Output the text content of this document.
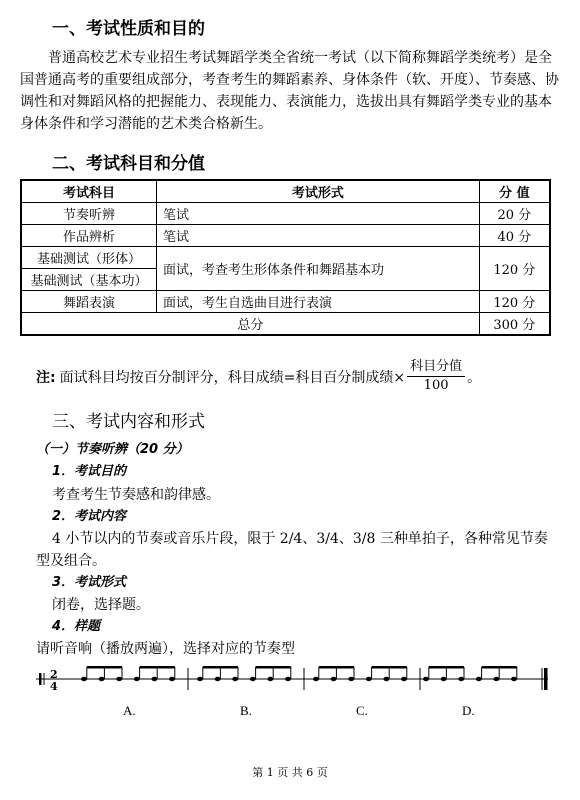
一、考试性质和目的

普通高校艺术专业招生考试舞蹈学类全省统一考试（以下简称舞蹈学类统考）是全国普通高考的重要组成部分，考查考生的舞蹈素养、身体条件（软、开度）、节奏感、协调性和对舞蹈风格的把握能力、表现能力、表演能力，选拔出具有舞蹈学类专业的基本身体条件和学习潜能的艺术类合格新生。

二、考试科目和分值
考试科目	考试形式	分 值
节奏听辨	笔试	20 分
作品辨析	笔试	40 分
基础测试（形体）	面试，考查考生形体条件和舞蹈基本功	120 分
基础测试（基本功）		
舞蹈表演	面试，考生自选曲目进行表演	120 分
总分		300 分
注: 面试科目均按百分制评分，科目成绩=科目百分制成绩× $\frac{\text{科目分值}}{100}$ 。
三、考试内容和形式
（一）节奏听辨（20 分）
1．考试目的
考查考生节奏感和韵律感。
2．考试内容
4 小节以内的节奏或音乐片段，限于 2/4、3/4、3/8 三种单拍子，各种常见节奏
型及组合。
3．考试形式
闭卷，选择题。
4．样题
请听音响（播放两遍），选择对应的节奏型
2
4
A.	B.	C.	D.
第 1 页 共 6 页
